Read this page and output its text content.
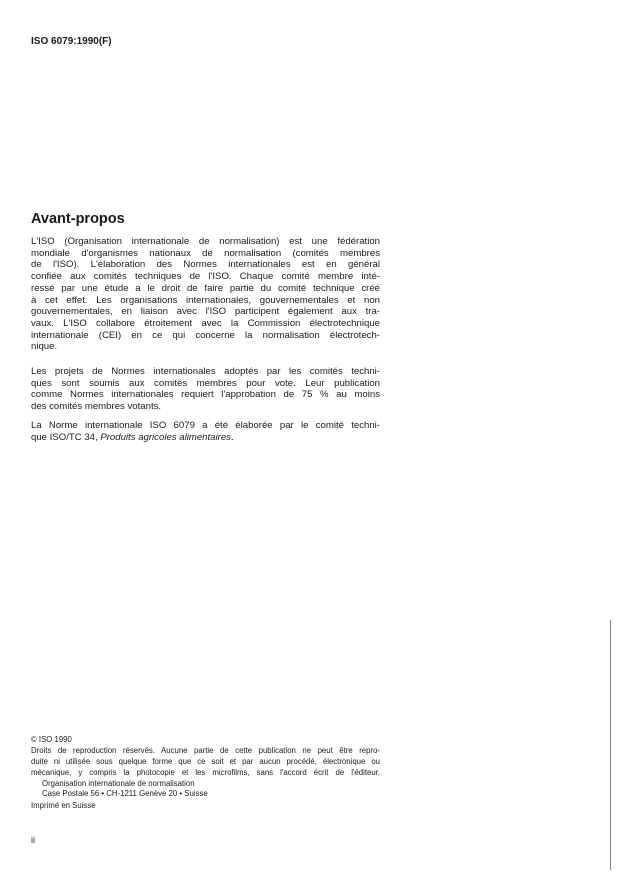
ISO 6079:1990(F)
Avant-propos
L'ISO (Organisation internationale de normalisation) est une fédération
mondiale d'organismes nationaux de normalisation (comités membres
de l'ISO). L'élaboration des Normes internationales est en général
confiée aux comités techniques de l'ISO. Chaque comité membre inté-
ressé par une étude a le droit de faire partie du comité technique créé
à cet effet. Les organisations internationales, gouvernementales et non
gouvernementales, en liaison avec l'ISO participent également aux tra-
vaux. L'ISO collabore étroitement avec la Commission électrotechnique
internationale (CEI) en ce qui concerne la normalisation électrotech-
nique.
Les projets de Normes internationales adoptés par les comités techni-
ques sont soumis aux comités membres pour vote. Leur publication
comme Normes internationales requiert l'approbation de 75 % au moins
des comités membres votants.
La Norme internationale ISO 6079 a été élaborée par le comité techni-
que ISO/TC 34, Produits agricoles alimentaires.
© ISO 1990
Droits de reproduction réservés. Aucune partie de cette publication ne peut être repro-
duite ni utilisée sous quelque forme que ce soit et par aucun procédé, électronique ou
mécanique, y compris la photocopie et les microfilms, sans l'accord écrit de l'éditeur.
Organisation internationale de normalisation
Case Postale 56 • CH-1211 Genève 20 • Suisse
Imprimé en Suisse
ii
